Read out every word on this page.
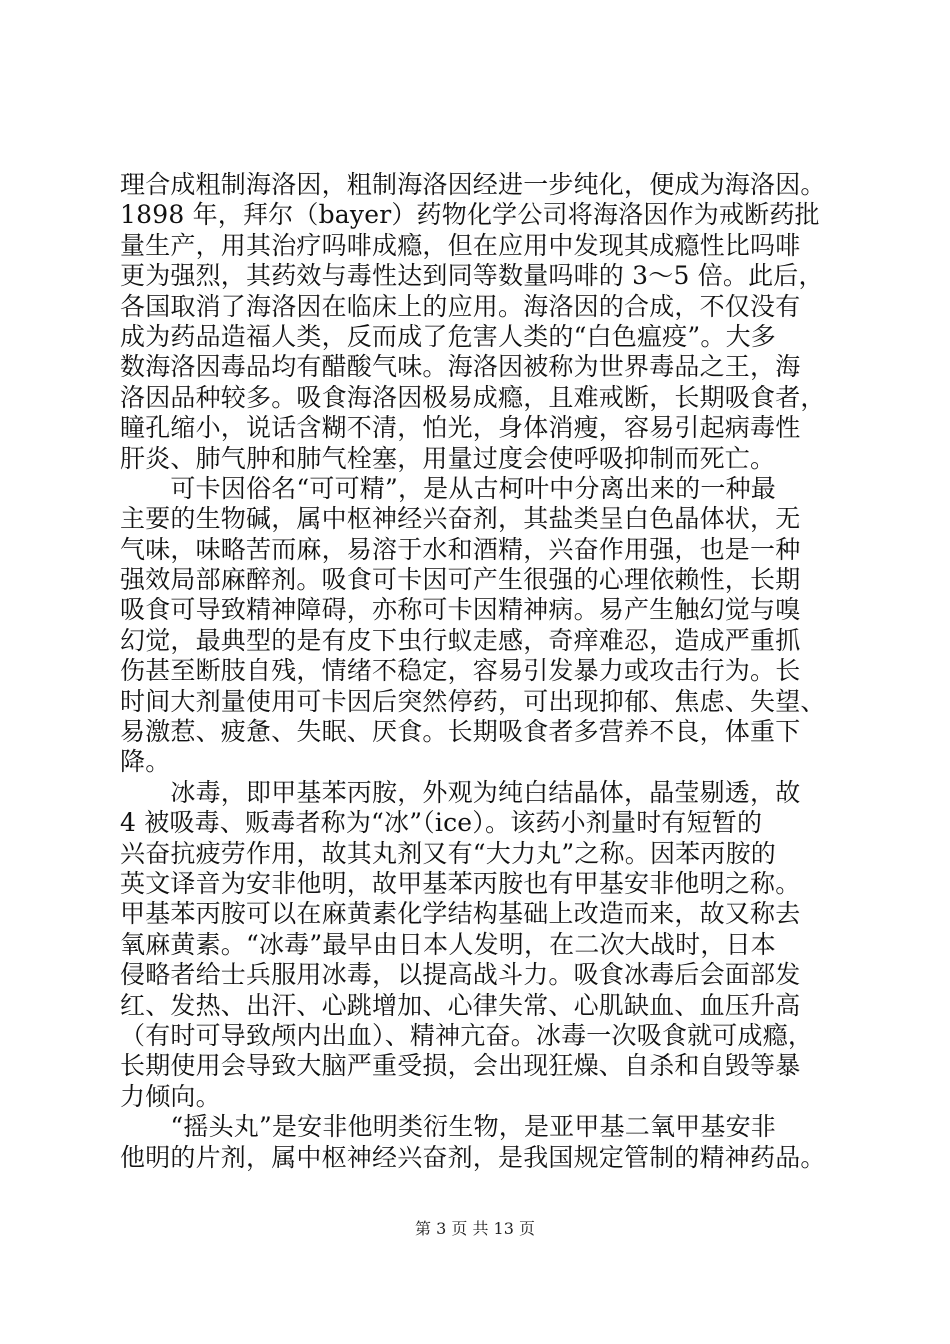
理合成粗制海洛因，粗制海洛因经进一步纯化，便成为海洛因。
1898 年，拜尔（bayer）药物化学公司将海洛因作为戒断药批
量生产，用其治疗吗啡成瘾，但在应用中发现其成瘾性比吗啡
更为强烈，其药效与毒性达到同等数量吗啡的 3～5 倍。此后，
各国取消了海洛因在临床上的应用。海洛因的合成，不仅没有
成为药品造福人类，反而成了危害人类的“白色瘟疫”。大多
数海洛因毒品均有醋酸气味。海洛因被称为世界毒品之王，海
洛因品种较多。吸食海洛因极易成瘾，且难戒断，长期吸食者，
瞳孔缩小，说话含糊不清，怕光，身体消瘦，容易引起病毒性
肝炎、肺气肿和肺气栓塞，用量过度会使呼吸抑制而死亡。
　　可卡因俗名“可可精”，是从古柯叶中分离出来的一种最
主要的生物碱，属中枢神经兴奋剂，其盐类呈白色晶体状，无
气味，味略苦而麻，易溶于水和酒精，兴奋作用强，也是一种
强效局部麻醉剂。吸食可卡因可产生很强的心理依赖性，长期
吸食可导致精神障碍，亦称可卡因精神病。易产生触幻觉与嗅
幻觉，最典型的是有皮下虫行蚁走感，奇痒难忍，造成严重抓
伤甚至断肢自残，情绪不稳定，容易引发暴力或攻击行为。长
时间大剂量使用可卡因后突然停药，可出现抑郁、焦虑、失望、
易激惹、疲惫、失眠、厌食。长期吸食者多营养不良，体重下
降。
　　冰毒，即甲基苯丙胺，外观为纯白结晶体，晶莹剔透，故
4 被吸毒、贩毒者称为“冰”（ice）。该药小剂量时有短暂的
兴奋抗疲劳作用，故其丸剂又有“大力丸”之称。因苯丙胺的
英文译音为安非他明，故甲基苯丙胺也有甲基安非他明之称。
甲基苯丙胺可以在麻黄素化学结构基础上改造而来，故又称去
氧麻黄素。“冰毒”最早由日本人发明，在二次大战时，日本
侵略者给士兵服用冰毒，以提高战斗力。吸食冰毒后会面部发
红、发热、出汗、心跳增加、心律失常、心肌缺血、血压升高
（有时可导致颅内出血）、精神亢奋。冰毒一次吸食就可成瘾，
长期使用会导致大脑严重受损，会出现狂燥、自杀和自毁等暴
力倾向。
　　“摇头丸”是安非他明类衍生物，是亚甲基二氧甲基安非
他明的片剂，属中枢神经兴奋剂，是我国规定管制的精神药品。
第 3 页 共 13 页
